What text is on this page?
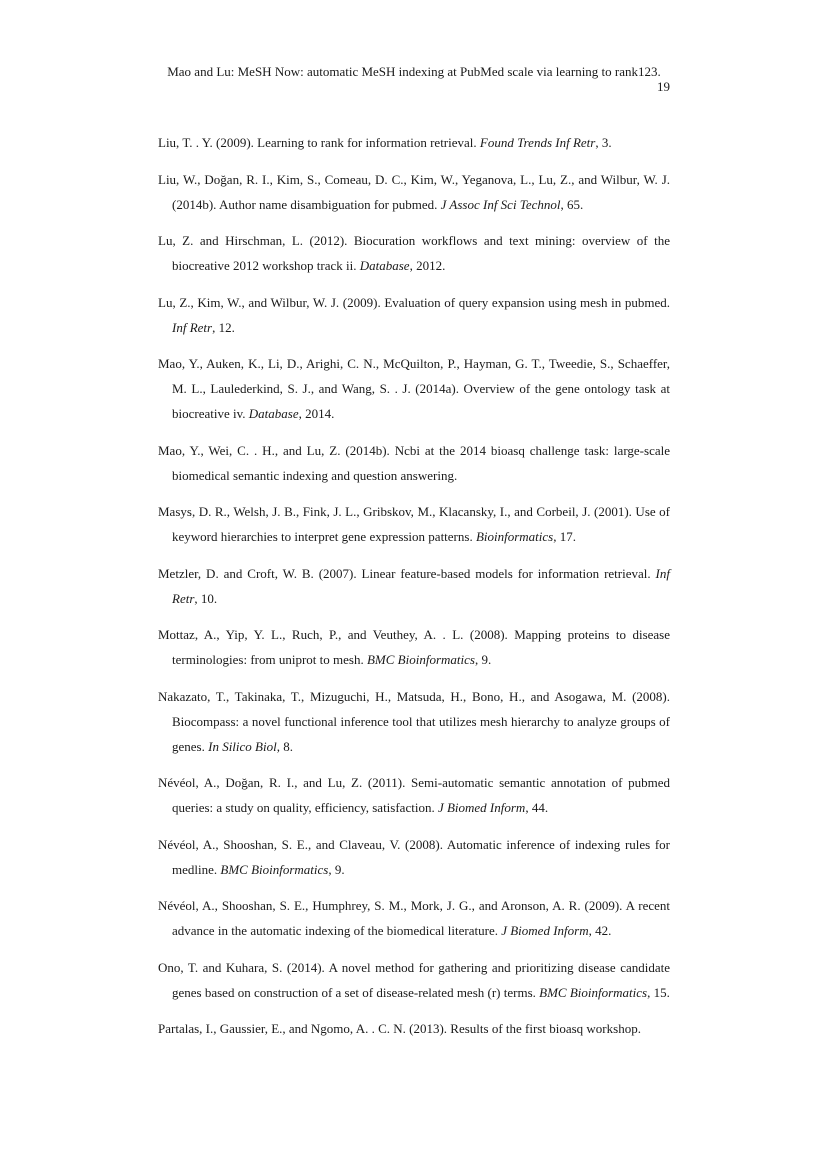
Mao and Lu: MeSH Now: automatic MeSH indexing at PubMed scale via learning to rank123.
19
Liu, T. . Y. (2009). Learning to rank for information retrieval. Found Trends Inf Retr, 3.
Liu, W., Doğan, R. I., Kim, S., Comeau, D. C., Kim, W., Yeganova, L., Lu, Z., and Wilbur, W. J. (2014b). Author name disambiguation for pubmed. J Assoc Inf Sci Technol, 65.
Lu, Z. and Hirschman, L. (2012). Biocuration workflows and text mining: overview of the biocreative 2012 workshop track ii. Database, 2012.
Lu, Z., Kim, W., and Wilbur, W. J. (2009). Evaluation of query expansion using mesh in pubmed. Inf Retr, 12.
Mao, Y., Auken, K., Li, D., Arighi, C. N., McQuilton, P., Hayman, G. T., Tweedie, S., Schaeffer, M. L., Laulederkind, S. J., and Wang, S. . J. (2014a). Overview of the gene ontology task at biocreative iv. Database, 2014.
Mao, Y., Wei, C. . H., and Lu, Z. (2014b). Ncbi at the 2014 bioasq challenge task: large-scale biomedical semantic indexing and question answering.
Masys, D. R., Welsh, J. B., Fink, J. L., Gribskov, M., Klacansky, I., and Corbeil, J. (2001). Use of keyword hierarchies to interpret gene expression patterns. Bioinformatics, 17.
Metzler, D. and Croft, W. B. (2007). Linear feature-based models for information retrieval. Inf Retr, 10.
Mottaz, A., Yip, Y. L., Ruch, P., and Veuthey, A. . L. (2008). Mapping proteins to disease terminologies: from uniprot to mesh. BMC Bioinformatics, 9.
Nakazato, T., Takinaka, T., Mizuguchi, H., Matsuda, H., Bono, H., and Asogawa, M. (2008). Biocompass: a novel functional inference tool that utilizes mesh hierarchy to analyze groups of genes. In Silico Biol, 8.
Névéol, A., Doğan, R. I., and Lu, Z. (2011). Semi-automatic semantic annotation of pubmed queries: a study on quality, efficiency, satisfaction. J Biomed Inform, 44.
Névéol, A., Shooshan, S. E., and Claveau, V. (2008). Automatic inference of indexing rules for medline. BMC Bioinformatics, 9.
Névéol, A., Shooshan, S. E., Humphrey, S. M., Mork, J. G., and Aronson, A. R. (2009). A recent advance in the automatic indexing of the biomedical literature. J Biomed Inform, 42.
Ono, T. and Kuhara, S. (2014). A novel method for gathering and prioritizing disease candidate genes based on construction of a set of disease-related mesh (r) terms. BMC Bioinformatics, 15.
Partalas, I., Gaussier, E., and Ngomo, A. . C. N. (2013). Results of the first bioasq workshop.
